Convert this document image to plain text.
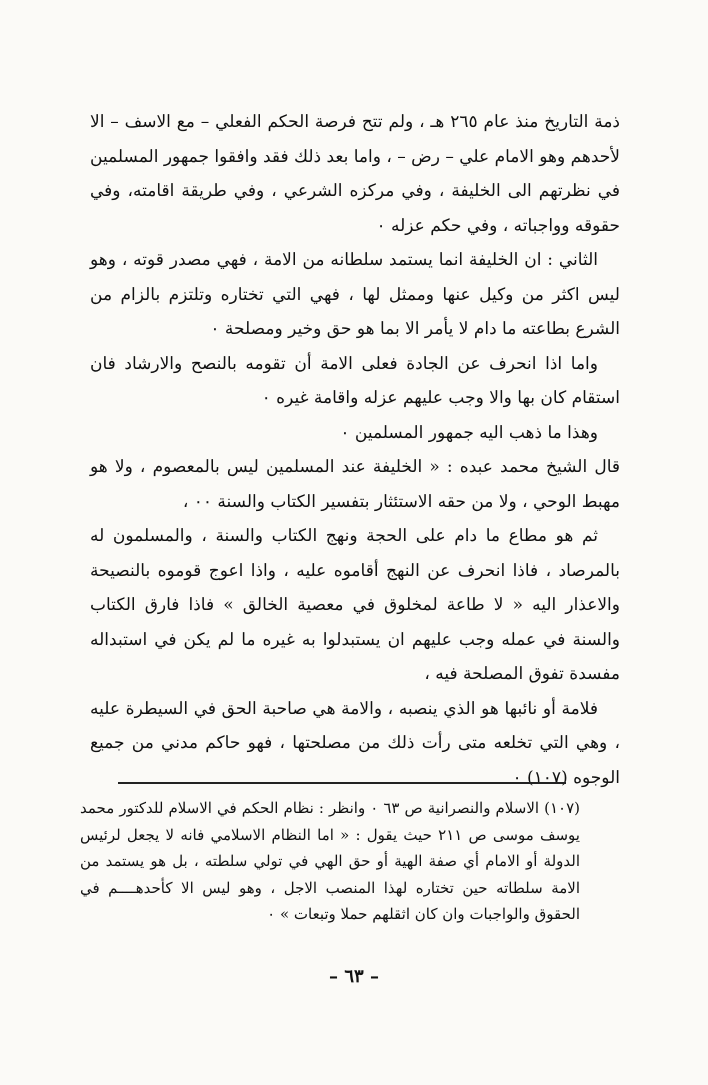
ذمة التاريخ منذ عام ٢٦٥ هـ ، ولم تتح فرصة الحكم الفعلي – مع الاسف – الا لأحدهم وهو الامام علي – رض – ، واما بعد ذلك فقد وافقوا جمهور المسلمين في نظرتهم الى الخليفة ، وفي مركزه الشرعي ، وفي طريقة اقامته، وفي حقوقه وواجباته ، وفي حكم عزله ٠

الثاني : ان الخليفة انما يستمد سلطانه من الامة ، فهي مصدر قوته ، وهو ليس اكثر من وكيل عنها وممثل لها ، فهي التي تختاره وتلتزم بالزام من الشرع بطاعته ما دام لا يأمر الا بما هو حق وخير ومصلحة ٠

واما اذا انحرف عن الجادة فعلى الامة أن تقومه بالنصح والارشاد فان استقام كان بها والا وجب عليهم عزله واقامة غيره ٠

وهذا ما ذهب اليه جمهور المسلمين ٠

قال الشيخ محمد عبده : « الخليفة عند المسلمين ليس بالمعصوم ، ولا هو مهبط الوحي ، ولا من حقه الاستئثار بتفسير الكتاب والسنة ٠٠ ،

ثم هو مطاع ما دام على الحجة ونهج الكتاب والسنة ، والمسلمون له بالمرصاد ، فاذا انحرف عن النهج أقاموه عليه ، واذا اعوج قوموه بالنصيحة والاعذار اليه « لا طاعة لمخلوق في معصية الخالق » فاذا فارق الكتاب والسنة في عمله وجب عليهم ان يستبدلوا به غيره ما لم يكن في استبداله مفسدة تفوق المصلحة فيه ،

فلامة أو نائبها هو الذي ينصبه ، والامة هي صاحبة الحق في السيطرة عليه ، وهي التي تخلعه متى رأت ذلك من مصلحتها ، فهو حاكم مدني من جميع الوجوه (١٠٧) ٠

(١٠٧) الاسلام والنصرانية ص ٦٣ ٠ وانظر : نظام الحكم في الاسلام للدكتور محمد يوسف موسى ص ٢١١ حيث يقول : « اما النظام الاسلامي فانه لا يجعل لرئيس الدولة أو الامام أي صفة الهية أو حق الهي في تولي سلطته ، بل هو يستمد من الامة سلطاته حين تختاره لهذا المنصب الاجل ، وهو ليس الا كأحدهــــم في الحقوق والواجبات وان كان اثقلهم حملا وتبعات » ٠

– ٦٣ –
